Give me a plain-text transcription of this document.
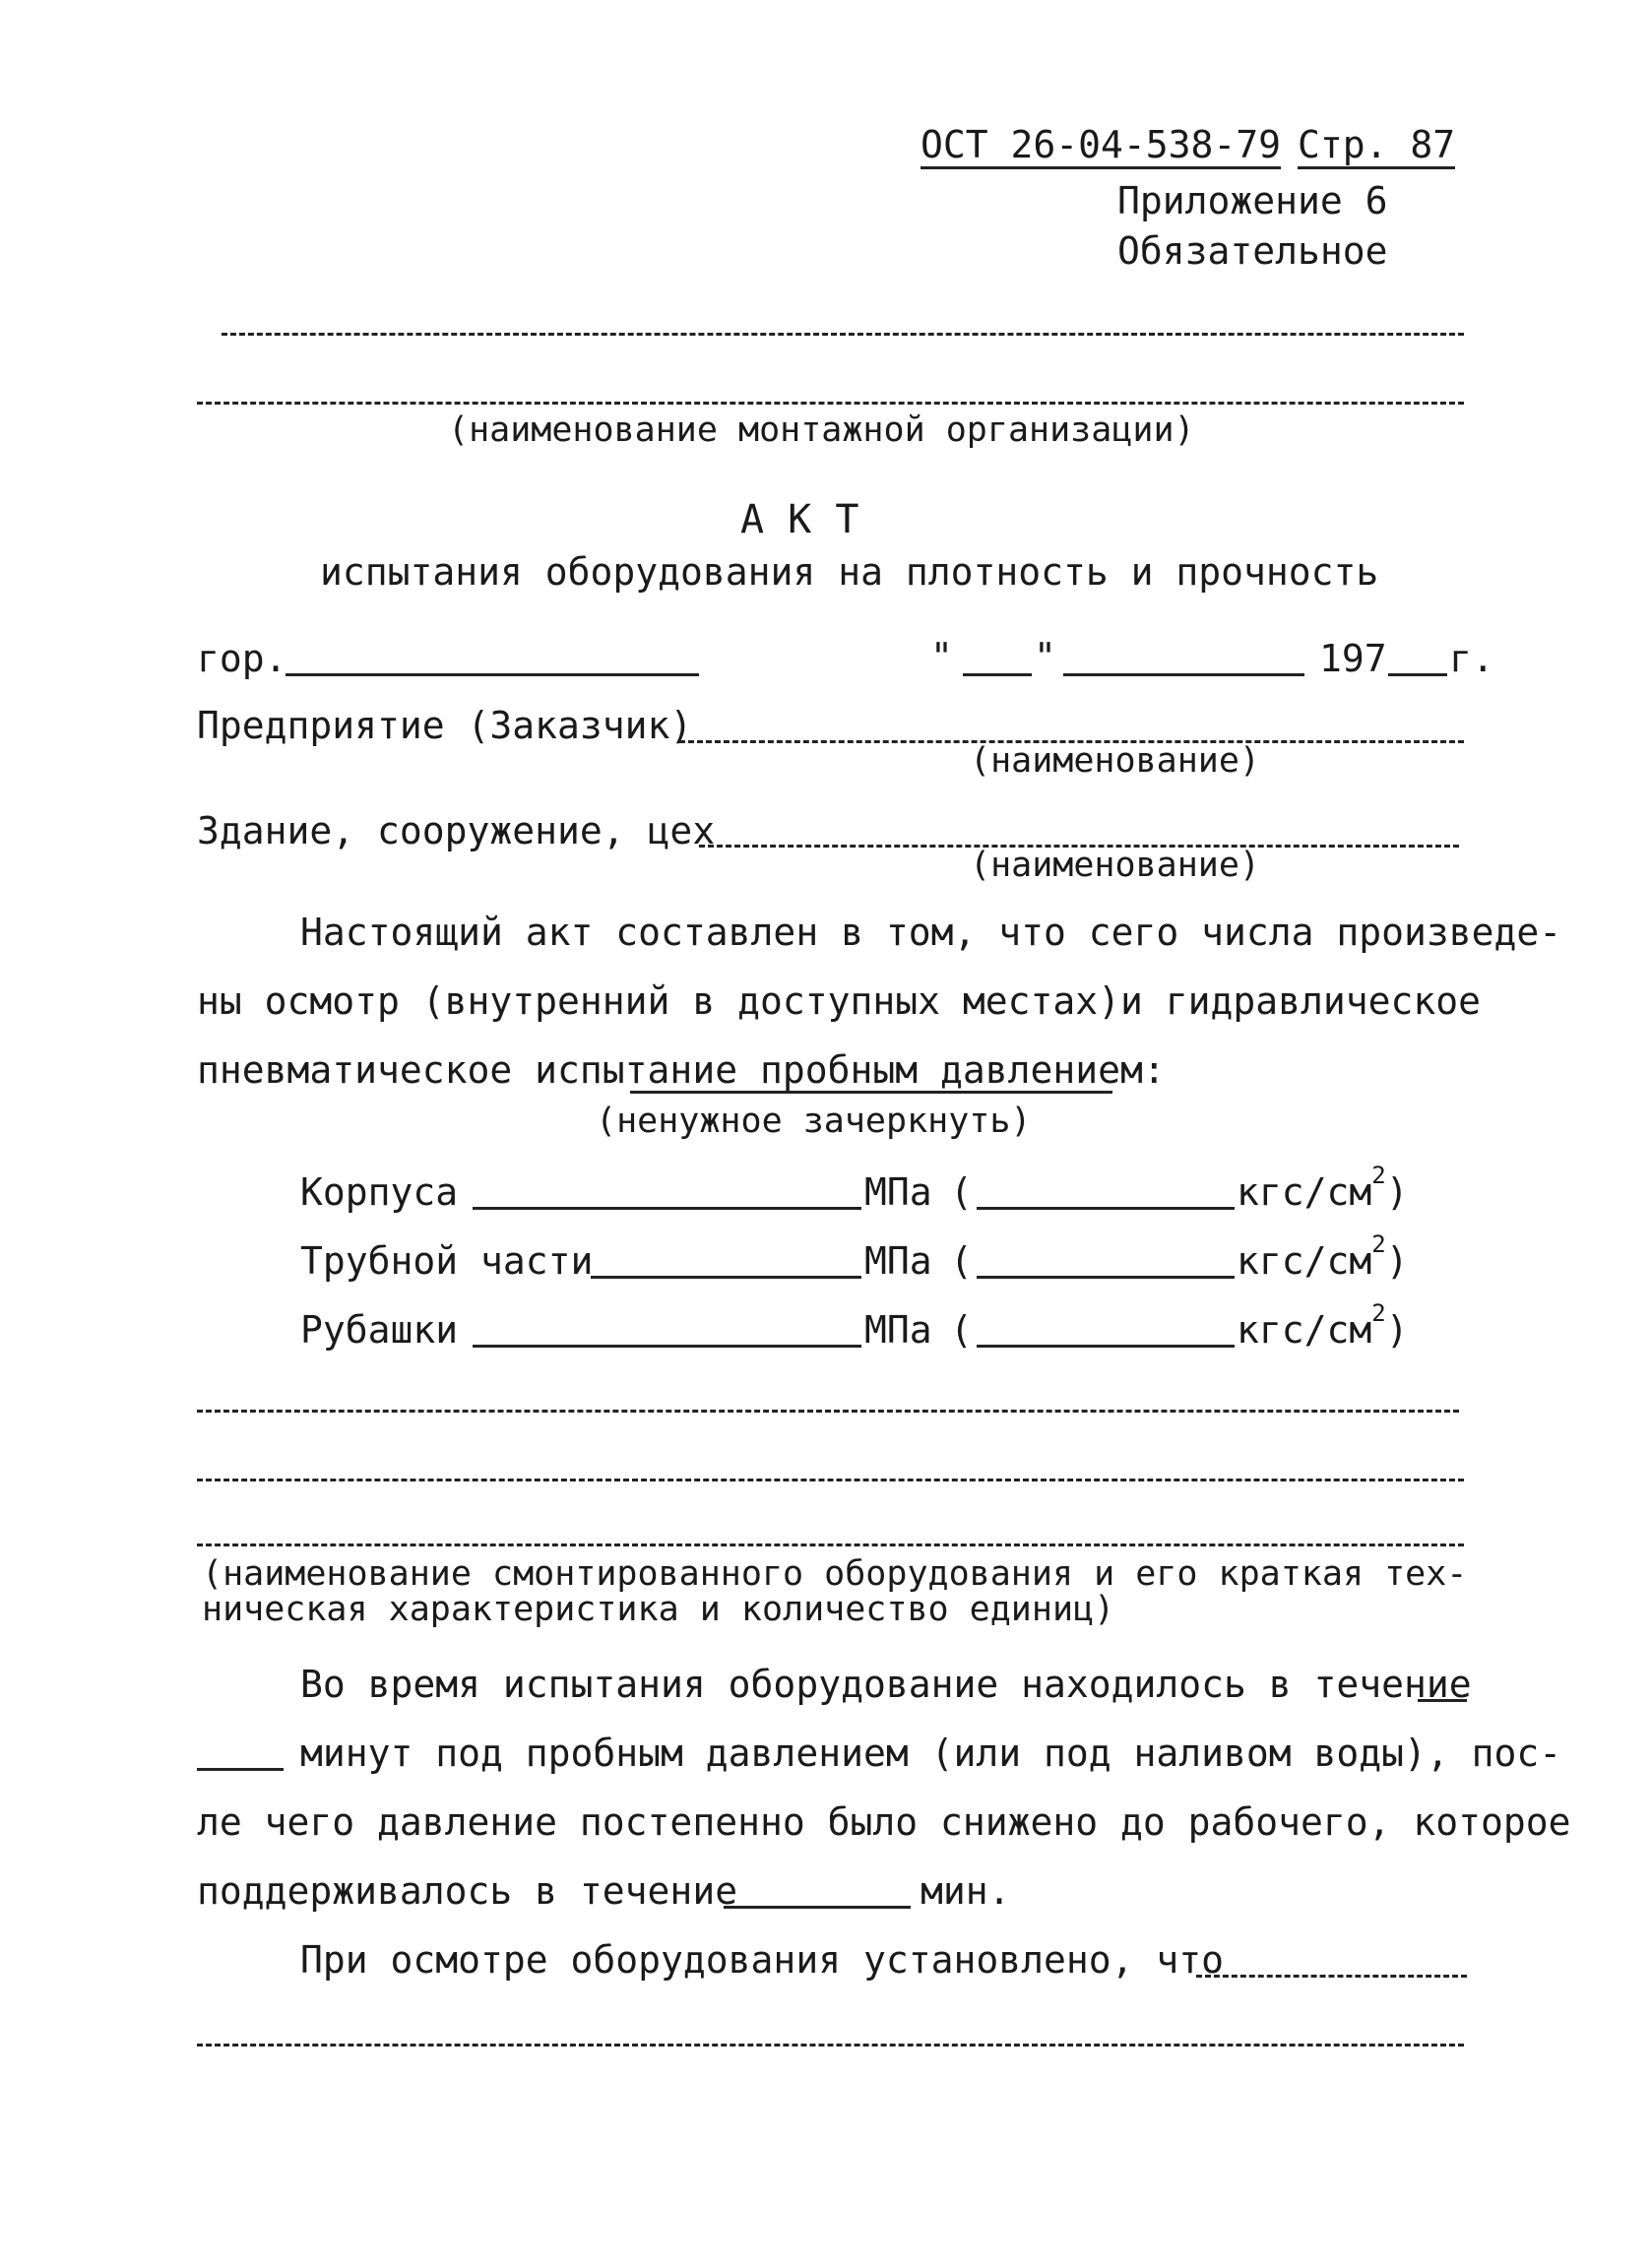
ОСТ 26-04-538-79 Стр. 87
Приложение 6
Обязательное
(наименование монтажной организации)
А К Т
испытания оборудования на плотность и прочность
гор.	" "	197 г.
Предприятие (Заказчик)
(наименование)
Здание, сооружение, цех
(наименование)
Настоящий акт составлен в том, что сего числа произведе-
ны осмотр (внутренний в доступных местах)и гидравлическое
пневматическое испытание пробным давлением:
(ненужное зачеркнуть)
Корпуса	МПа (	кгс/$см^2$)
Трубной части	МПа (	кгс/$см^2$)
Рубашки	МПа (	кгс/$см^2$)
(наименование смонтированного оборудования и его краткая тех-
ническая характеристика и количество единиц)
Во время испытания оборудование находилось в течение
минут под пробным давлением (или под наливом воды), пос-
ле чего давление постепенно было снижено до рабочего, которое
поддерживалось в течение	мин.
При осмотре оборудования установлено, что
